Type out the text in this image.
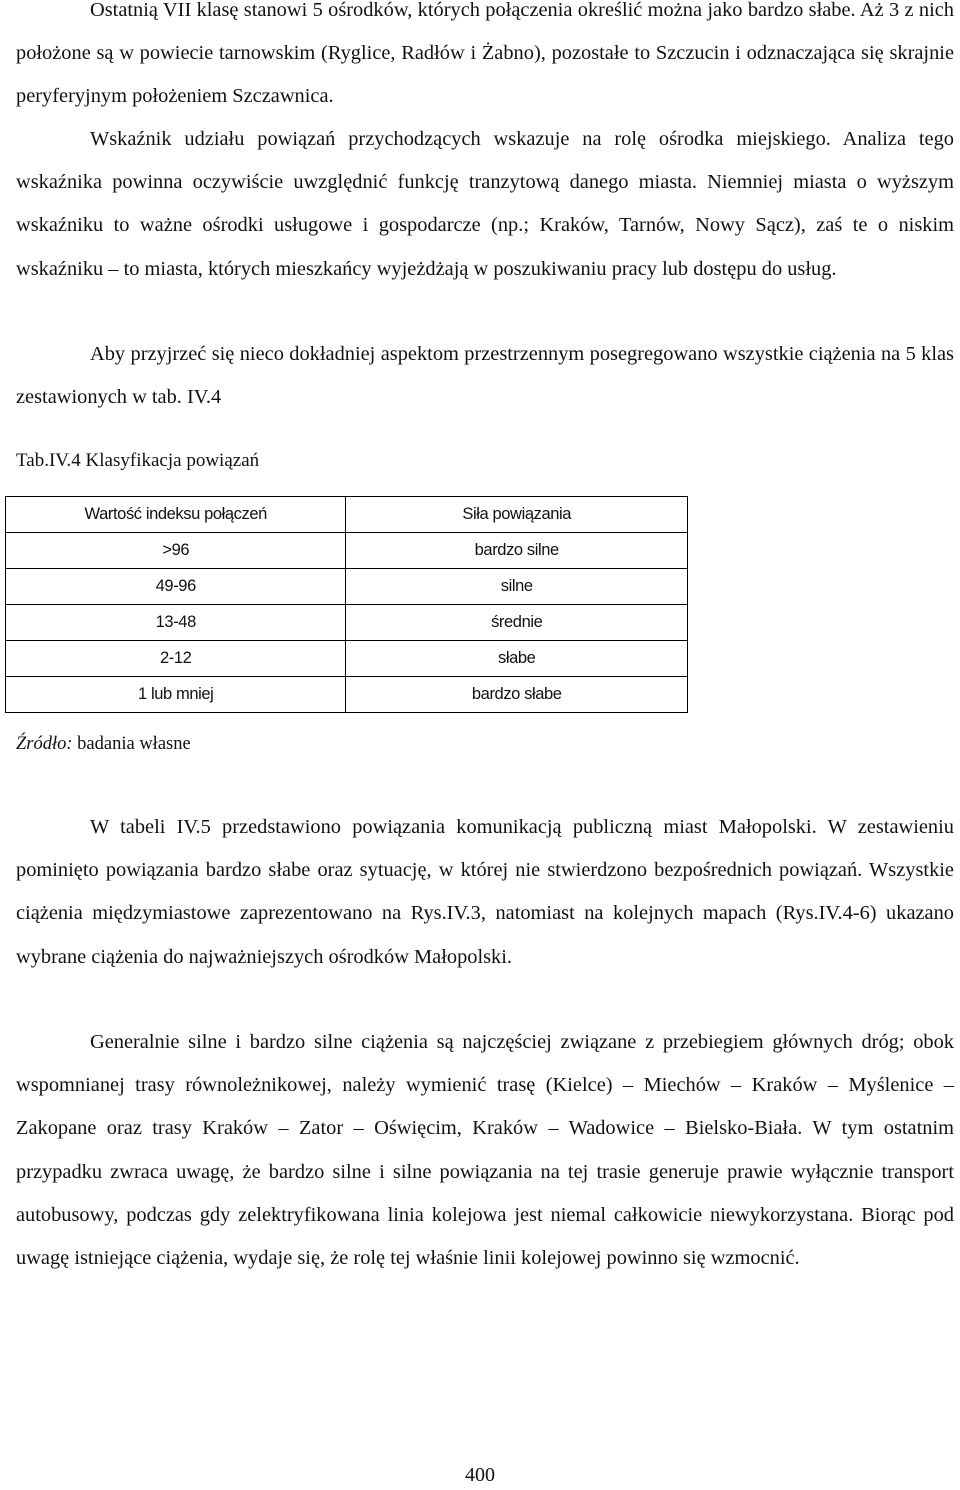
Ostatnią VII klasę stanowi 5 ośrodków, których połączenia określić można jako bardzo słabe. Aż 3 z nich położone są w powiecie tarnowskim (Ryglice, Radłów i Żabno), pozostałe to Szczucin i odznaczająca się skrajnie peryferyjnym położeniem Szczawnica.

Wskaźnik udziału powiązań przychodzących wskazuje na rolę ośrodka miejskiego. Analiza tego wskaźnika powinna oczywiście uwzględnić funkcję tranzytową danego miasta. Niemniej miasta o wyższym wskaźniku to ważne ośrodki usługowe i gospodarcze (np.; Kraków, Tarnów, Nowy Sącz), zaś te o niskim wskaźniku – to miasta, których mieszkańcy wyjeżdżają w poszukiwaniu pracy lub dostępu do usług.

Aby przyjrzeć się nieco dokładniej aspektom przestrzennym posegregowano wszystkie ciążenia na 5 klas zestawionych w tab. IV.4

Tab.IV.4 Klasyfikacja powiązań

Wartość indeksu połączeń	Siła powiązania
>96	bardzo silne
49-96	silne
13-48	średnie
2-12	słabe
1 lub mniej	bardzo słabe

Źródło: badania własne

W tabeli IV.5 przedstawiono powiązania komunikacją publiczną miast Małopolski. W zestawieniu pominięto powiązania bardzo słabe oraz sytuację, w której nie stwierdzono bezpośrednich powiązań. Wszystkie ciążenia międzymiastowe zaprezentowano na Rys.IV.3, natomiast na kolejnych mapach (Rys.IV.4-6) ukazano wybrane ciążenia do najważniejszych ośrodków Małopolski.

Generalnie silne i bardzo silne ciążenia są najczęściej związane z przebiegiem głównych dróg; obok wspomnianej trasy równoleżnikowej, należy wymienić trasę (Kielce) – Miechów – Kraków – Myślenice – Zakopane oraz trasy Kraków – Zator – Oświęcim, Kraków – Wadowice – Bielsko-Biała. W tym ostatnim przypadku zwraca uwagę, że bardzo silne i silne powiązania na tej trasie generuje prawie wyłącznie transport autobusowy, podczas gdy zelektryfikowana linia kolejowa jest niemal całkowicie niewykorzystana. Biorąc pod uwagę istniejące ciążenia, wydaje się, że rolę tej właśnie linii kolejowej powinno się wzmocnić.

400
